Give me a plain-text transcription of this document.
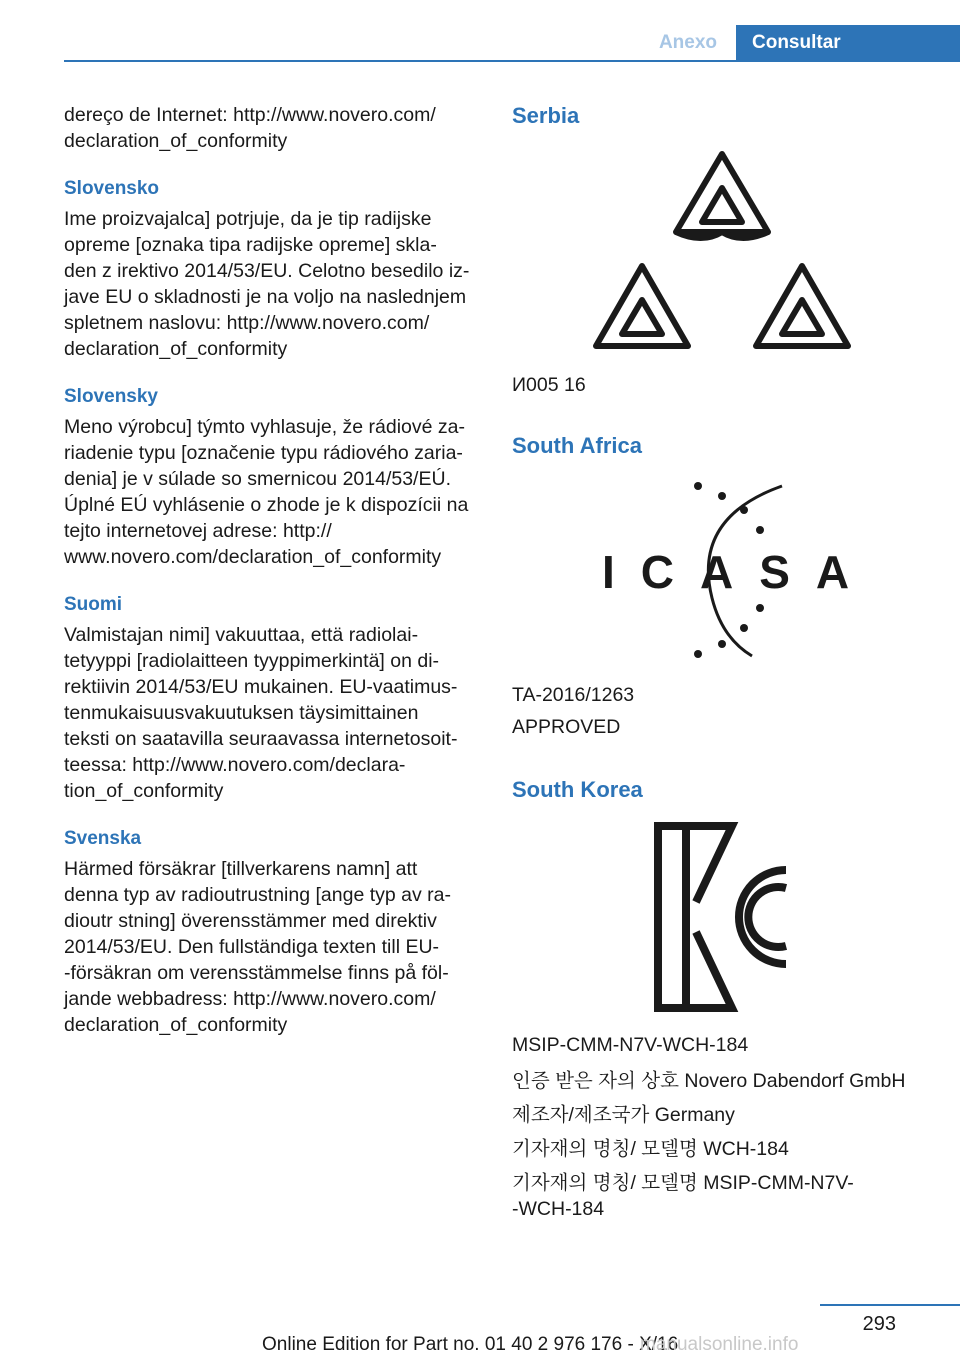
Anexo	Consultar

dereço de Internet: http://www.novero.com/

declaration_of_conformity

Slovensko

Ime proizvajalca] potrjuje, da je tip radijske

opreme [oznaka tipa radijske opreme] skla-

den z irektivo 2014/53/EU. Celotno besedilo iz-

jave EU o skladnosti je na voljo na naslednjem

spletnem naslovu: http://www.novero.com/

declaration_of_conformity

Slovensky

Meno výrobcu] týmto vyhlasuje, že rádiové za-

riadenie typu [označenie typu rádiového zaria-

denia] je v súlade so smernicou 2014/53/EÚ.

Úplné EÚ vyhlásenie o zhode je k dispozícii na

tejto internetovej adrese: http://

www.novero.com/declaration_of_conformity

Suomi

Valmistajan nimi] vakuuttaa, että radiolai-

tetyyppi [radiolaitteen tyyppimerkintä] on di-

rektiivin 2014/53/EU mukainen. EU-vaatimus-

tenmukaisuusvakuutuksen täysimittainen

teksti on saatavilla seuraavassa internetosoit-

teessa: http://www.novero.com/declara-

tion_of_conformity

Svenska

Härmed försäkrar [tillverkarens namn] att

denna typ av radioutrustning [ange typ av ra-

dioutr stning] överensstämmer med direktiv

2014/53/EU. Den fullständiga texten till EU-

-försäkran om verensstämmelse finns på föl-

jande webbadress: http://www.novero.com/

declaration_of_conformity

Serbia

И005 16

South Africa

ICASA

TA-2016/1263

APPROVED

South Korea

MSIP-CMM-N7V-WCH-184

인증 받은 자의 상호 Novero Dabendorf GmbH

제조자/제조국가 Germany

기자재의 명칭/ 모델명 WCH-184

기자재의 명칭/ 모델명 MSIP-CMM-N7V-

-WCH-184

293
Online Edition for Part no. 01 40 2 976 176 - X/16
manualsonline.info
